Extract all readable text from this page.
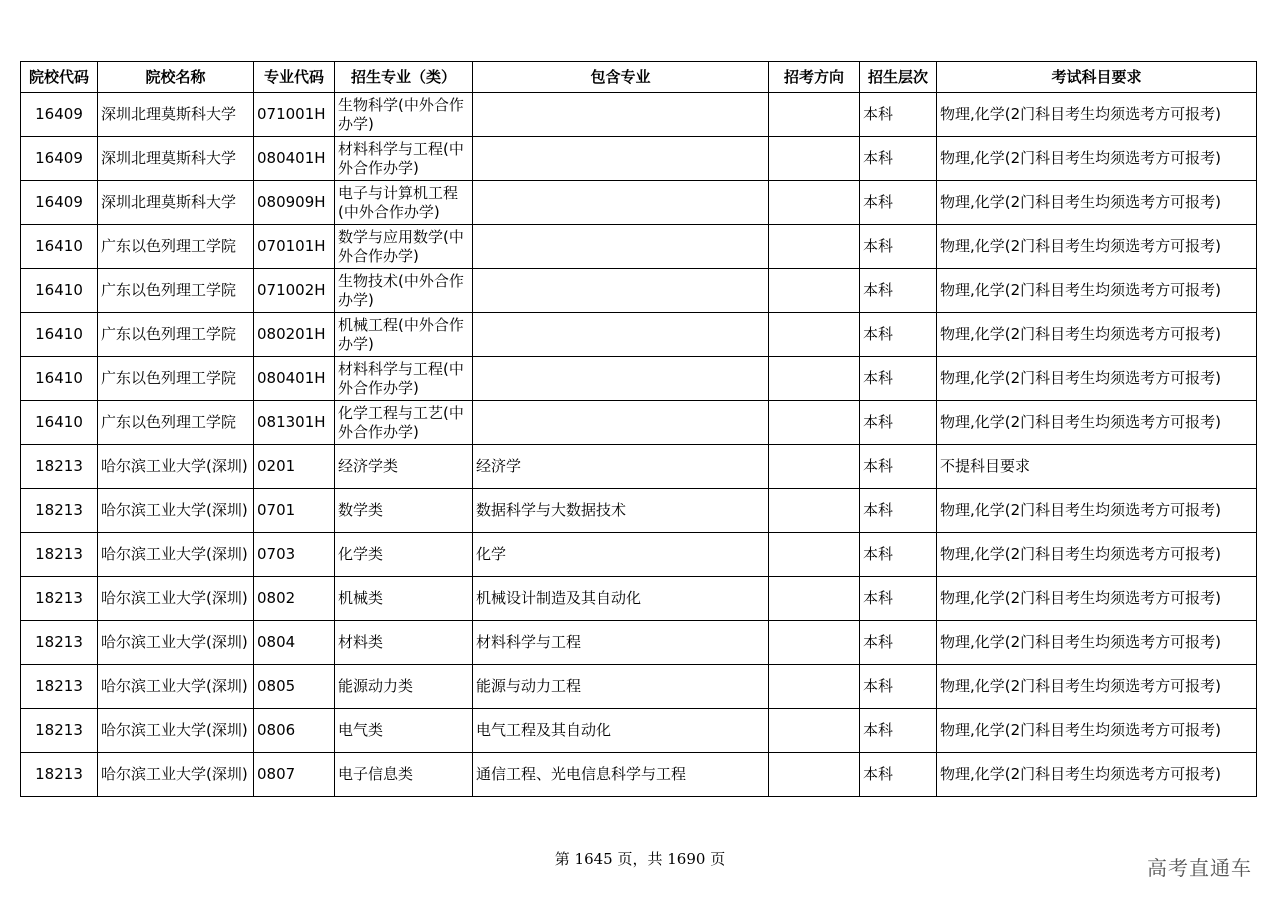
院校代码	院校名称	专业代码	招生专业（类）	包含专业	招考方向	招生层次	考试科目要求
16409	深圳北理莫斯科大学	071001H	生物科学(中外合作办学)			本科	物理,化学(2门科目考生均须选考方可报考)
16409	深圳北理莫斯科大学	080401H	材料科学与工程(中外合作办学)			本科	物理,化学(2门科目考生均须选考方可报考)
16409	深圳北理莫斯科大学	080909H	电子与计算机工程(中外合作办学)			本科	物理,化学(2门科目考生均须选考方可报考)
16410	广东以色列理工学院	070101H	数学与应用数学(中外合作办学)			本科	物理,化学(2门科目考生均须选考方可报考)
16410	广东以色列理工学院	071002H	生物技术(中外合作办学)			本科	物理,化学(2门科目考生均须选考方可报考)
16410	广东以色列理工学院	080201H	机械工程(中外合作办学)			本科	物理,化学(2门科目考生均须选考方可报考)
16410	广东以色列理工学院	080401H	材料科学与工程(中外合作办学)			本科	物理,化学(2门科目考生均须选考方可报考)
16410	广东以色列理工学院	081301H	化学工程与工艺(中外合作办学)			本科	物理,化学(2门科目考生均须选考方可报考)
18213	哈尔滨工业大学(深圳)	0201	经济学类	经济学		本科	不提科目要求
18213	哈尔滨工业大学(深圳)	0701	数学类	数据科学与大数据技术		本科	物理,化学(2门科目考生均须选考方可报考)
18213	哈尔滨工业大学(深圳)	0703	化学类	化学		本科	物理,化学(2门科目考生均须选考方可报考)
18213	哈尔滨工业大学(深圳)	0802	机械类	机械设计制造及其自动化		本科	物理,化学(2门科目考生均须选考方可报考)
18213	哈尔滨工业大学(深圳)	0804	材料类	材料科学与工程		本科	物理,化学(2门科目考生均须选考方可报考)
18213	哈尔滨工业大学(深圳)	0805	能源动力类	能源与动力工程		本科	物理,化学(2门科目考生均须选考方可报考)
18213	哈尔滨工业大学(深圳)	0806	电气类	电气工程及其自动化		本科	物理,化学(2门科目考生均须选考方可报考)
18213	哈尔滨工业大学(深圳)	0807	电子信息类	通信工程、光电信息科学与工程		本科	物理,化学(2门科目考生均须选考方可报考)
第 1645 页，共 1690 页	高考直通车
